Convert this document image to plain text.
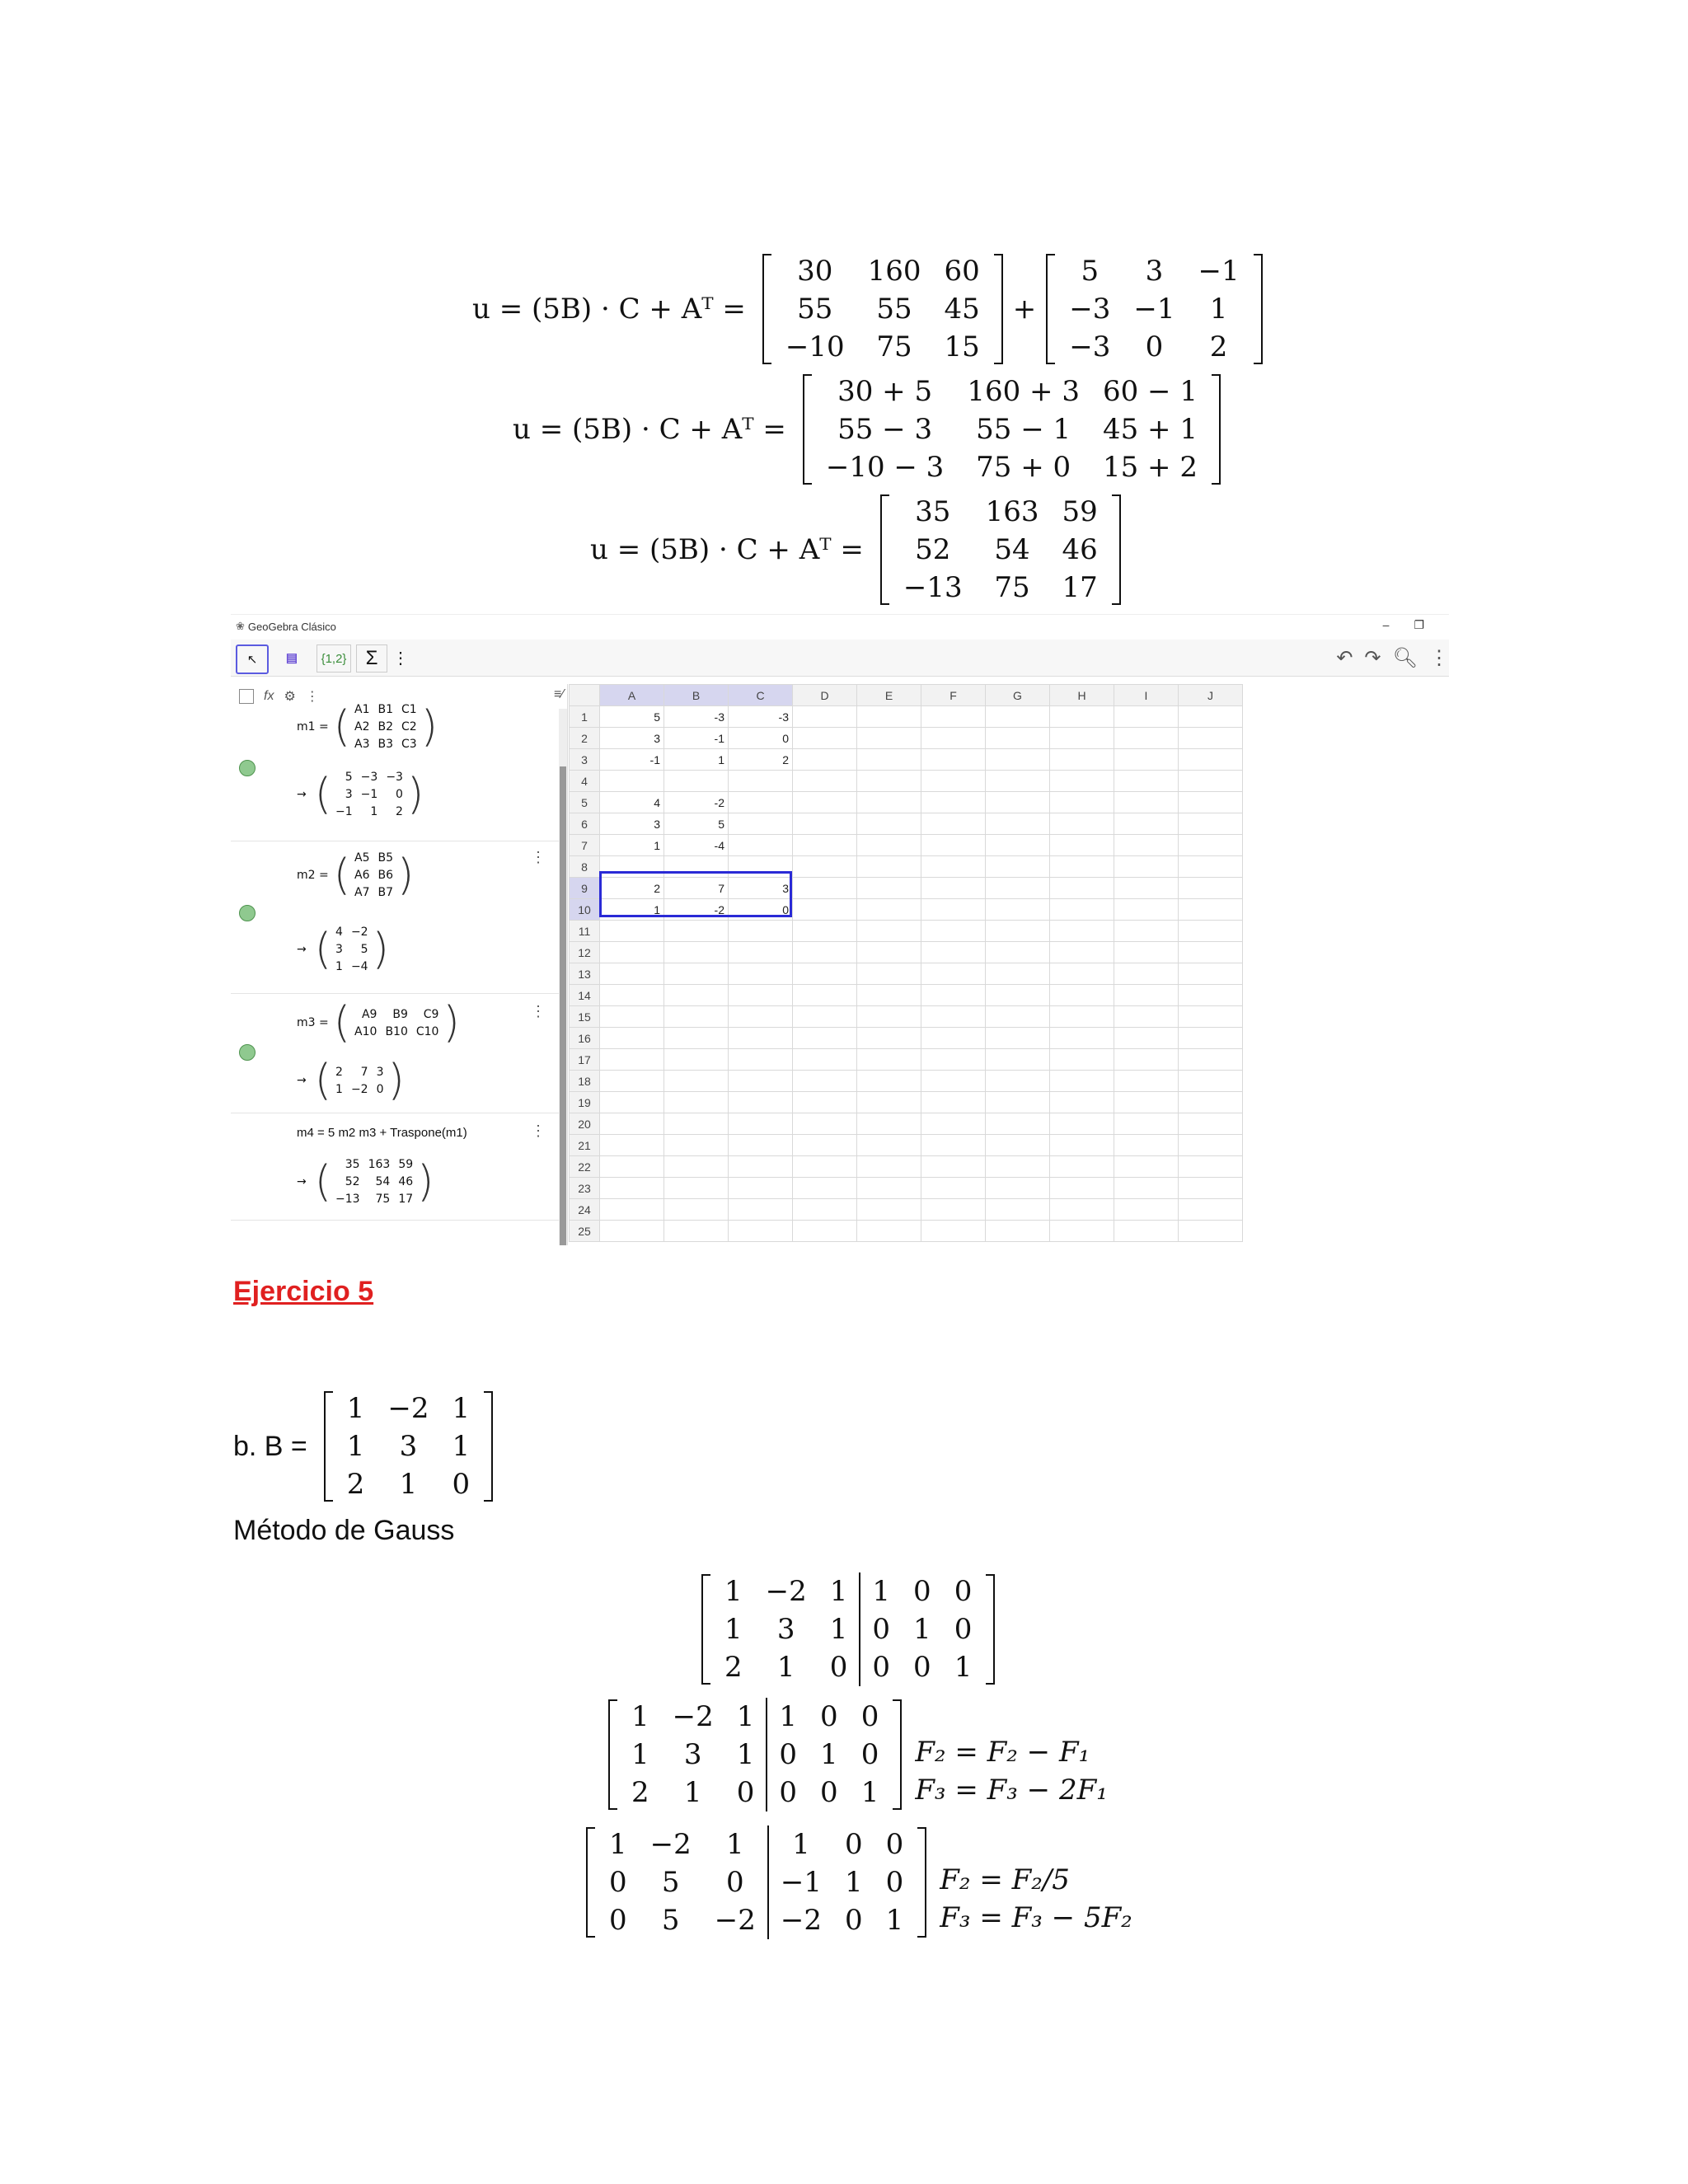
u = (5B) · C + Aᵀ =
30	160	60
55	55	45
−10	75	15
+
5	3	−1
−3	−1	1
−3	0	2
u = (5B) · C + Aᵀ =
30 + 5	160 + 3	60 − 1
55 − 3	55 − 1	45 + 1
−10 − 3	75 + 0	15 + 2
u = (5B) · C + Aᵀ =
35	163	59
52	54	46
−13	75	17
❀ GeoGebra Clásico	– ❐
↖ ▤ {1,2} Σ ⋮	↶ ↷ 🔍︎ ⋮
fx ⚙ ⋮	≡∕
m1 = ( A1	B1	C1
A2	B2	C2
A3	B3	C3 )
→ ( 5	−3	−3
3	−1	0
−1	1	2 )
⋮
m2 = ( A5	B5
A6	B6
A7	B7 )
→ ( 4	−2
3	5
1	−4 )
⋮
m3 = ( A9	B9	C9
A10	B10	C10 )
→ ( 2	7	3
1	−2	0 )
⋮
m4 = 5 m2 m3 + Traspone(m1)
→ ( 35	163	59
52	54	46
−13	75	17 )
	A	B	C	D	E	F	G	H	I	J
1	5	-3	-3							
2	3	-1	0							
3	-1	1	2							
4										
5	4	-2								
6	3	5								
7	1	-4								
8										
9	2	7	3							
10	1	-2	0							
11										
12										
13										
14										
15										
16										
17										
18										
19										
20										
21										
22										
23										
24										
25										
Ejercicio 5
b. B =
1	−2	1
1	3	1
2	1	0
Método de Gauss
1	−2	1	1	0	0
1	3	1	0	1	0
2	1	0	0	0	1
1	−2	1	1	0	0
1	3	1	0	1	0
2	1	0	0	0	1
F₂ = F₂ − F₁
F₃ = F₃ − 2F₁
1	−2	1	1	0	0
0	5	0	−1	1	0
0	5	−2	−2	0	1
F₂ = F₂/5
F₃ = F₃ − 5F₂
